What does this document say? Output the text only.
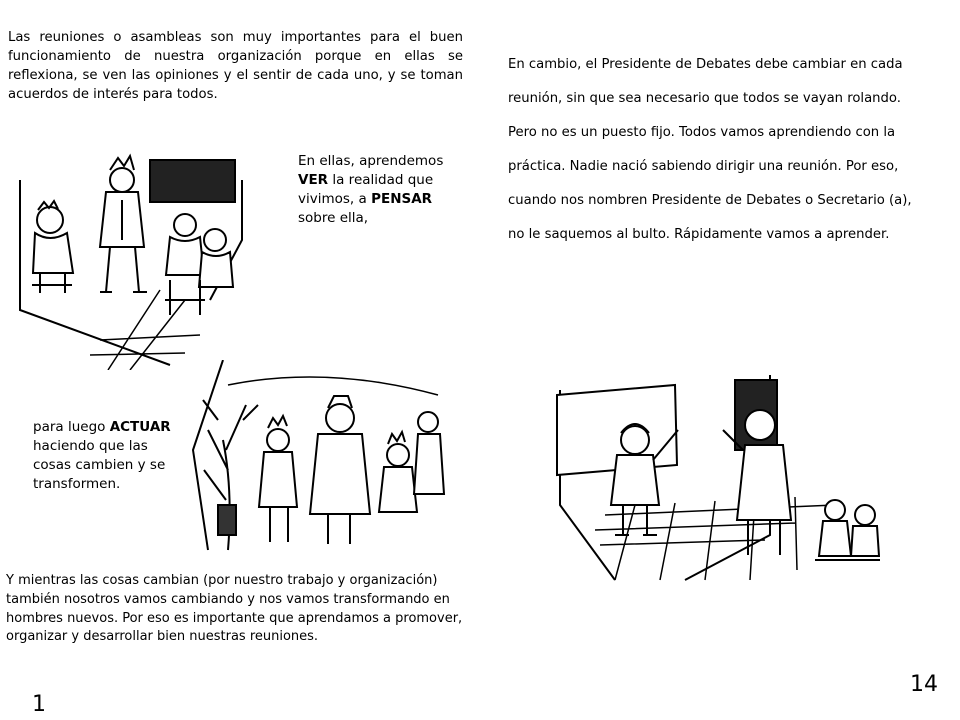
Las reuniones o asambleas son muy importantes para el buen funcionamiento de nuestra organización porque en ellas se reflexiona, se ven las opiniones y el sentir de cada uno, y se toman acuerdos de interés para todos.
En ellas, aprendemos VER la realidad que vivimos, a PENSAR sobre ella,
para luego ACTUAR haciendo que las cosas cambien y se transformen.
Y mientras las cosas cambian (por nuestro trabajo y organización) también nosotros vamos cambiando y nos vamos transformando en hombres nuevos. Por eso es importante que aprendamos a promover, organizar y desarrollar bien nuestras reuniones.
En cambio, el Presidente de Debates debe cambiar en cada
reunión, sin que sea necesario que todos se vayan rolando.
Pero no es un puesto fijo. Todos vamos aprendiendo con la
práctica. Nadie nació sabiendo dirigir una reunión. Por eso,
cuando nos nombren Presidente de Debates o Secretario (a),
no le saquemos al bulto. Rápidamente vamos a aprender.
14
1
